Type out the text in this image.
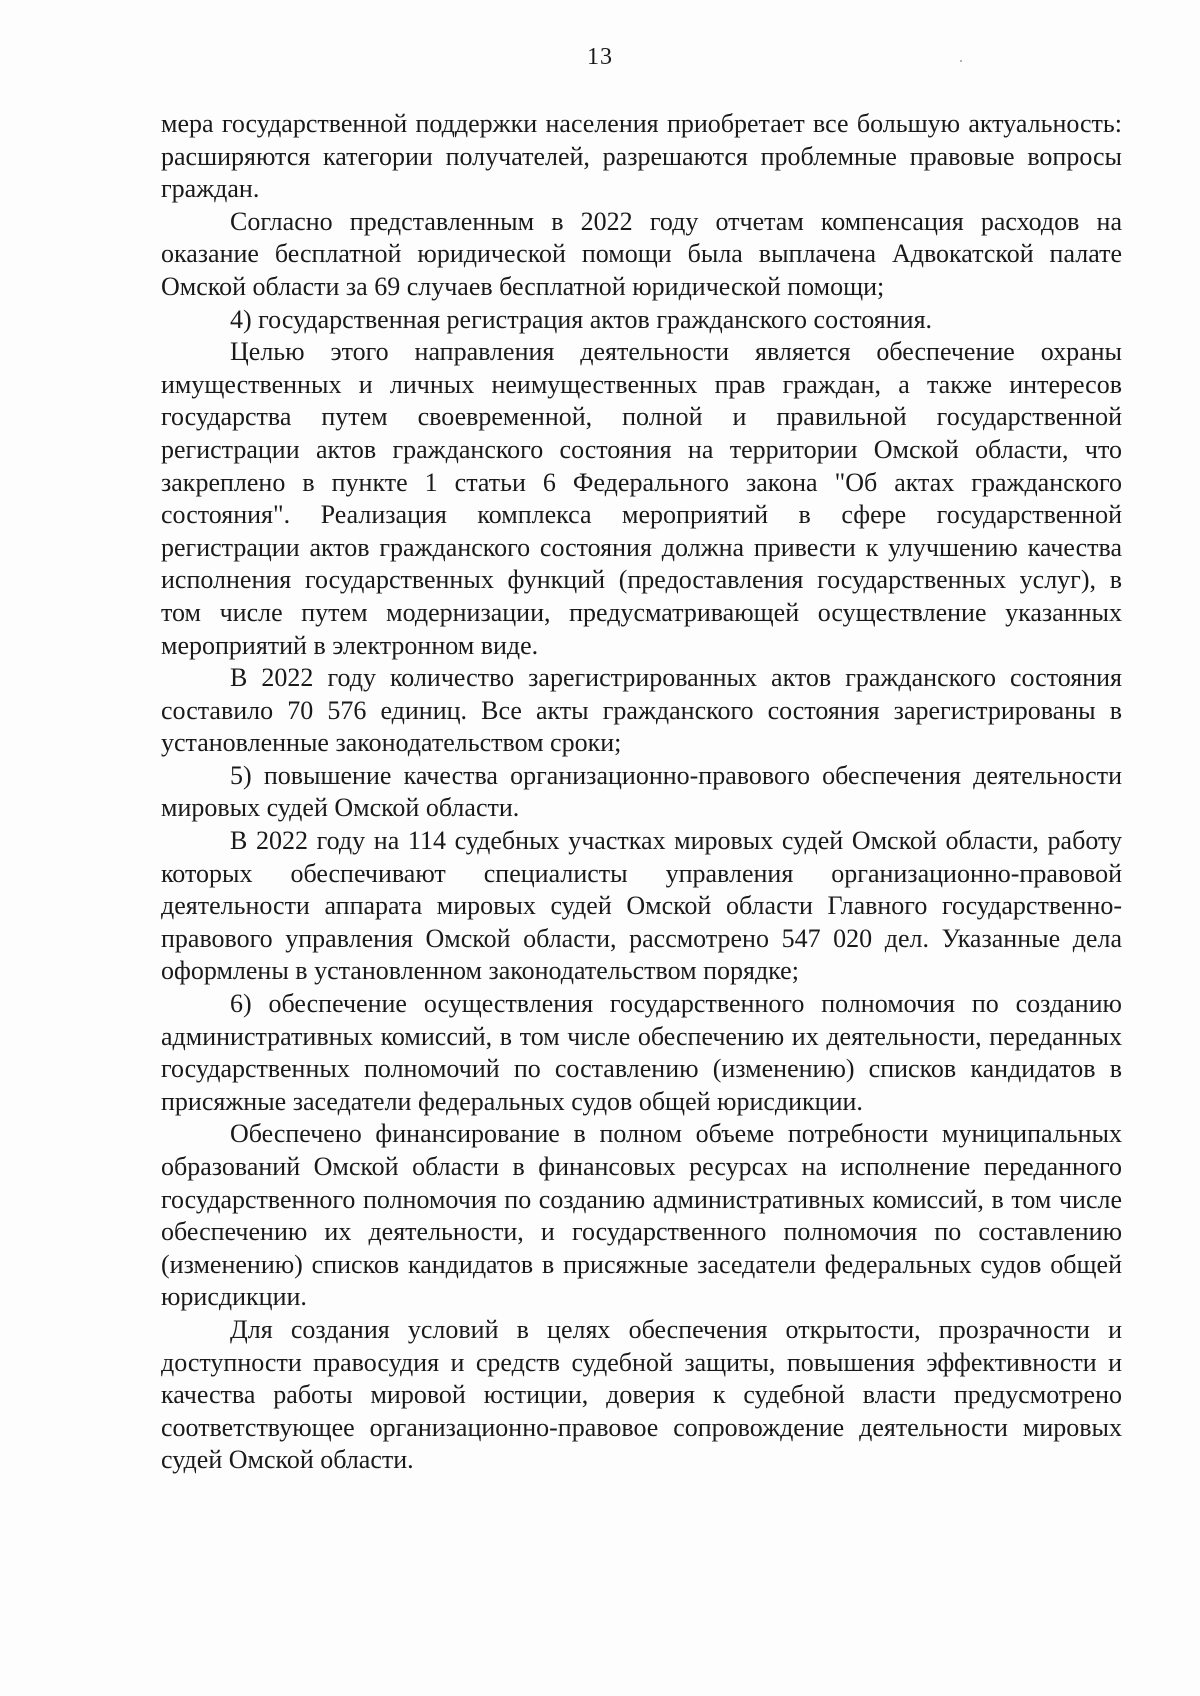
13

мера государственной поддержки населения приобретает все большую актуальность: расширяются категории получателей, разрешаются проблемные правовые вопросы граждан.

Согласно представленным в 2022 году отчетам компенсация расходов на оказание бесплатной юридической помощи была выплачена Адвокатской палате Омской области за 69 случаев бесплатной юридической помощи;

4) государственная регистрация актов гражданского состояния.

Целью этого направления деятельности является обеспечение охраны имущественных и личных неимущественных прав граждан, а также интересов государства путем своевременной, полной и правильной государственной регистрации актов гражданского состояния на территории Омской области, что закреплено в пункте 1 статьи 6 Федерального закона "Об актах гражданского состояния". Реализация комплекса мероприятий в сфере государственной регистрации актов гражданского состояния должна привести к улучшению качества исполнения государственных функций (предоставления государственных услуг), в том числе путем модернизации, предусматривающей осуществление указанных мероприятий в электронном виде.

В 2022 году количество зарегистрированных актов гражданского состояния составило 70 576 единиц. Все акты гражданского состояния зарегистрированы в установленные законодательством сроки;

5) повышение качества организационно-правового обеспечения деятельности мировых судей Омской области.

В 2022 году на 114 судебных участках мировых судей Омской области, работу которых обеспечивают специалисты управления организационно-правовой деятельности аппарата мировых судей Омской области Главного государственно-правового управления Омской области, рассмотрено 547 020 дел. Указанные дела оформлены в установленном законодательством порядке;

6) обеспечение осуществления государственного полномочия по созданию административных комиссий, в том числе обеспечению их деятельности, переданных государственных полномочий по составлению (изменению) списков кандидатов в присяжные заседатели федеральных судов общей юрисдикции.

Обеспечено финансирование в полном объеме потребности муниципальных образований Омской области в финансовых ресурсах на исполнение переданного государственного полномочия по созданию административных комиссий, в том числе обеспечению их деятельности, и государственного полномочия по составлению (изменению) списков кандидатов в присяжные заседатели федеральных судов общей юрисдикции.

Для создания условий в целях обеспечения открытости, прозрачности и доступности правосудия и средств судебной защиты, повышения эффективности и качества работы мировой юстиции, доверия к судебной власти предусмотрено соответствующее организационно-правовое сопровождение деятельности мировых судей Омской области.
